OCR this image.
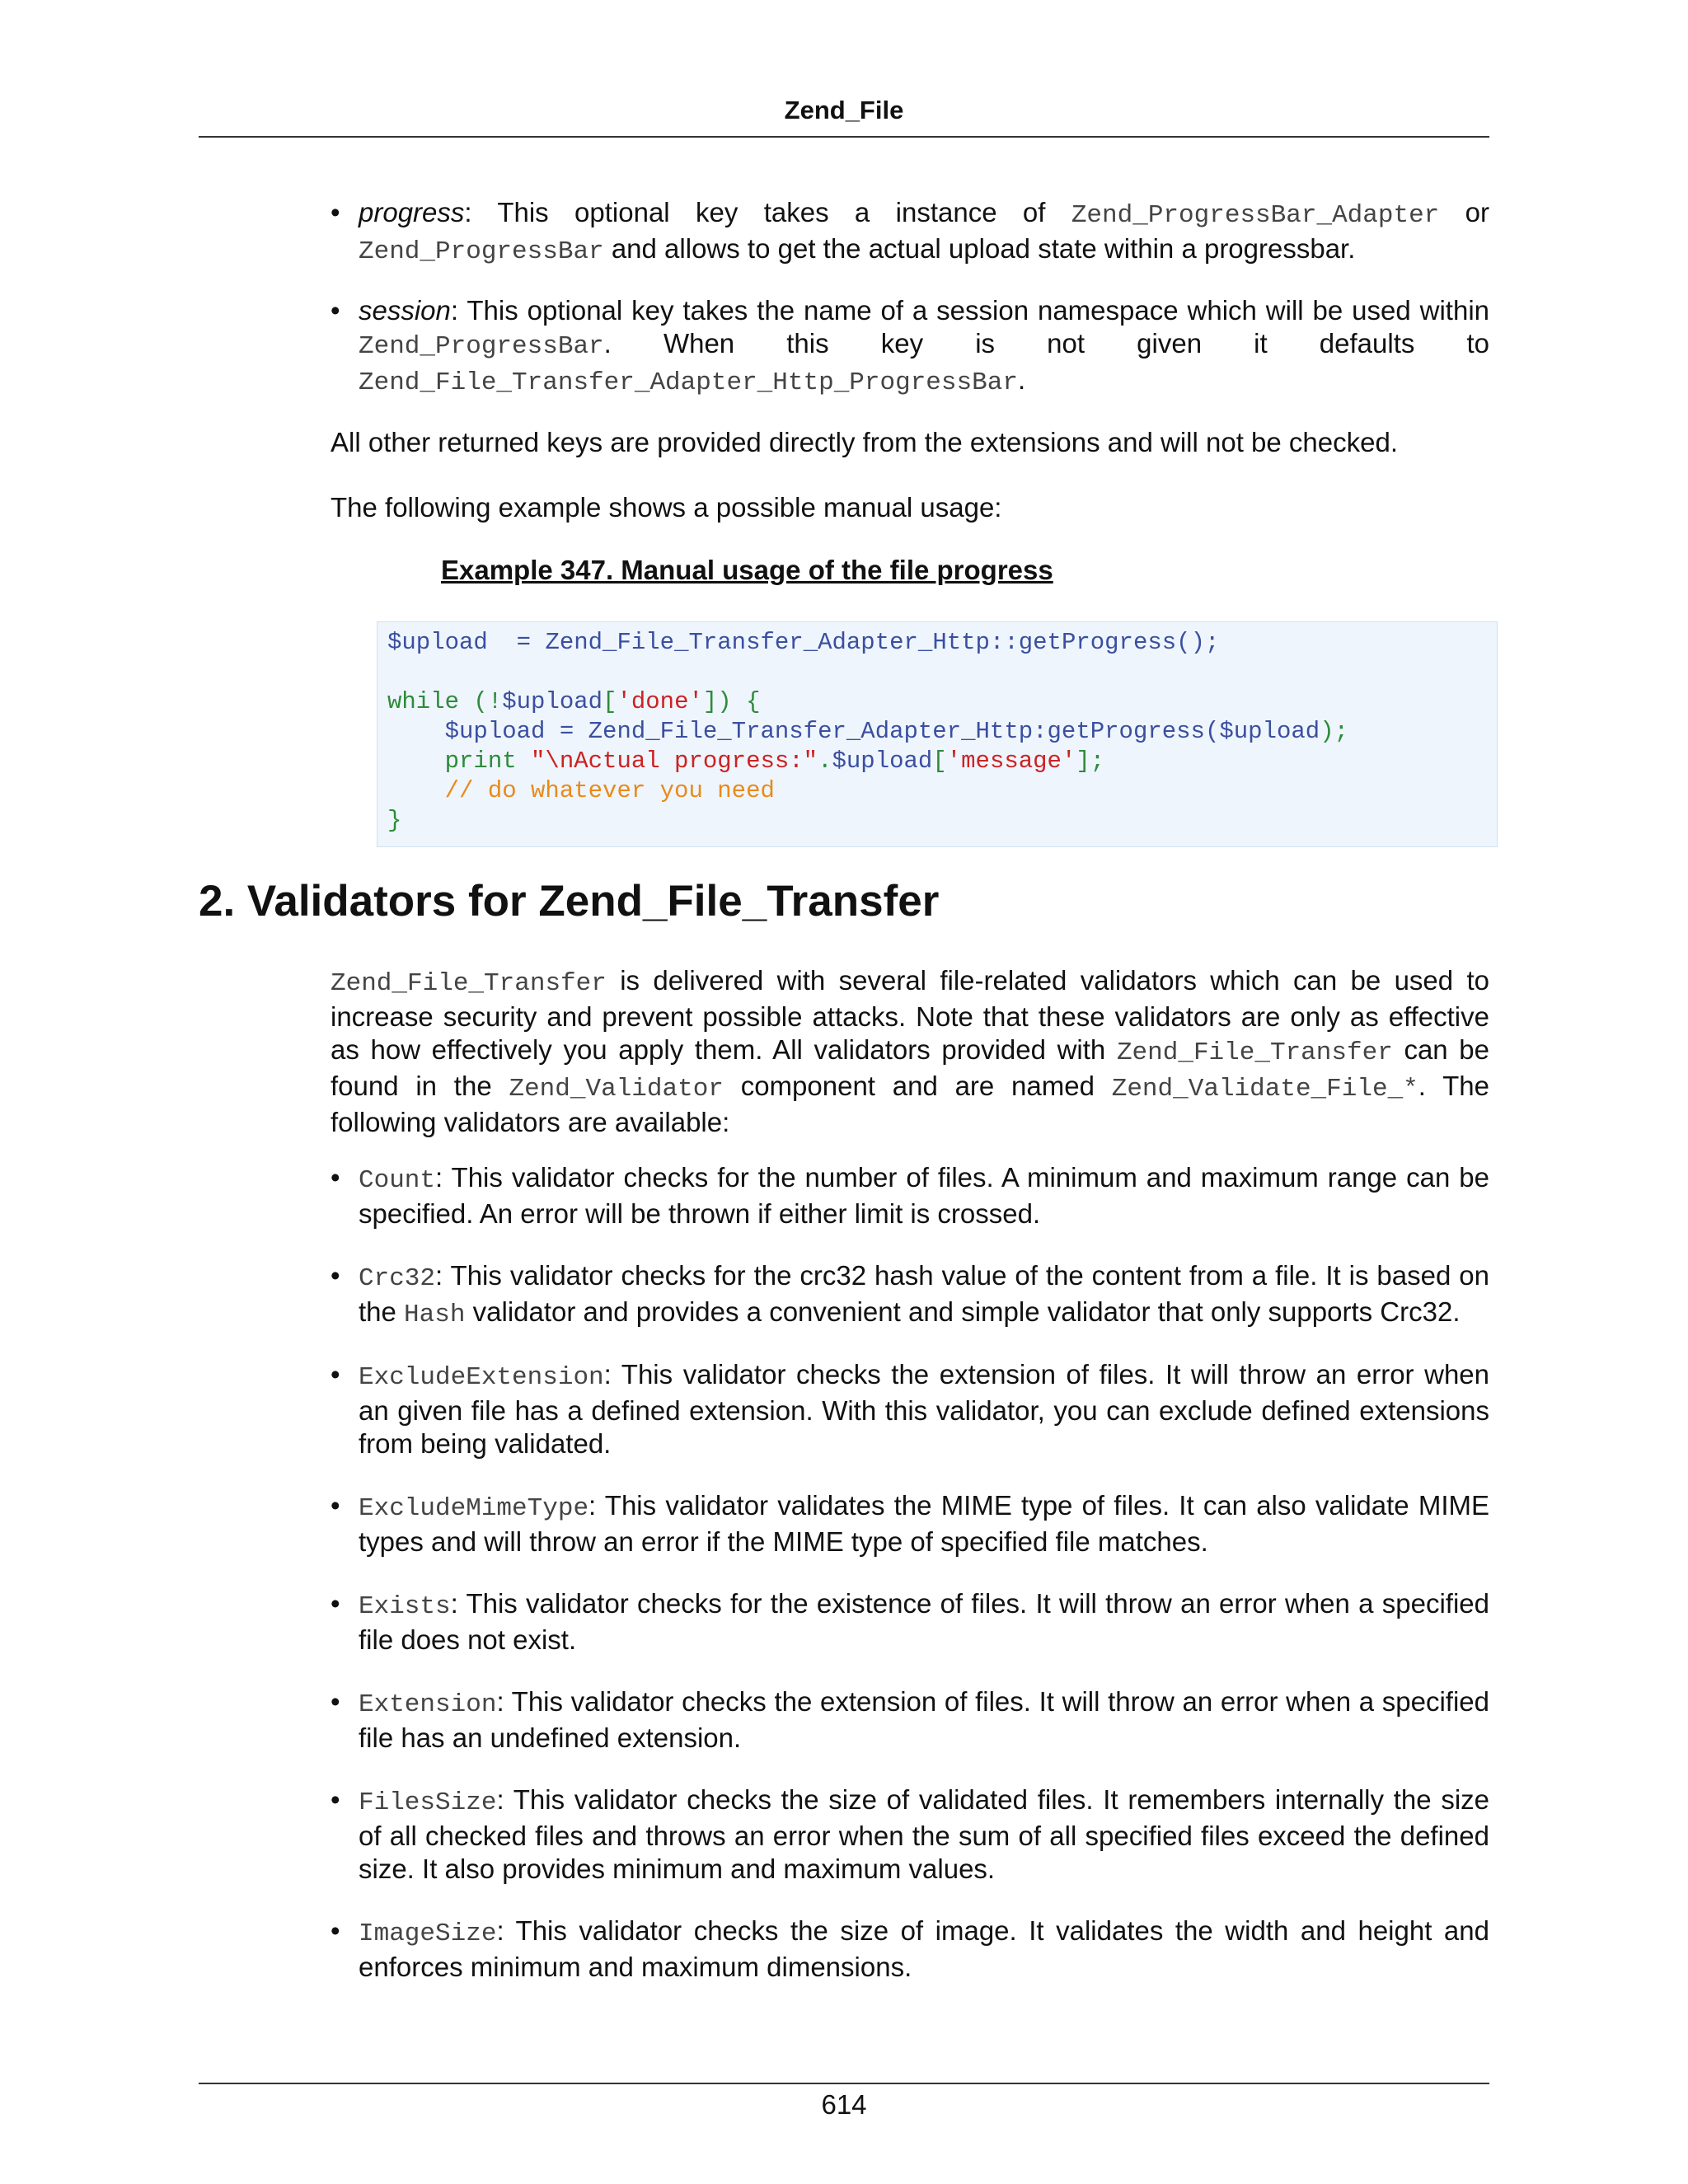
Zend_File
• progress: This optional key takes a instance of Zend_ProgressBar_Adapter or Zend_ProgressBar and allows to get the actual upload state within a progressbar.
• session: This optional key takes the name of a session namespace which will be used within Zend_ProgressBar. When this key is not given it defaults to Zend_File_Transfer_Adapter_Http_ProgressBar.

All other returned keys are provided directly from the extensions and will not be checked.

The following example shows a possible manual usage:

Example 347. Manual usage of the file progress
$upload  = Zend_File_Transfer_Adapter_Http::getProgress();
while (!$upload['done']) {
$upload = Zend_File_Transfer_Adapter_Http:getProgress($upload);
print "\nActual progress:".$upload['message'];
// do whatever you need
}
2. Validators for Zend_File_Transfer

Zend_File_Transfer is delivered with several file-related validators which can be used to increase security and prevent possible attacks. Note that these validators are only as effective as how effectively you apply them. All validators provided with Zend_File_Transfer can be found in the Zend_Validator component and are named Zend_Validate_File_*. The following validators are available:

• Count: This validator checks for the number of files. A minimum and maximum range can be specified. An error will be thrown if either limit is crossed.
• Crc32: This validator checks for the crc32 hash value of the content from a file. It is based on the Hash validator and provides a convenient and simple validator that only supports Crc32.
• ExcludeExtension: This validator checks the extension of files. It will throw an error when an given file has a defined extension. With this validator, you can exclude defined extensions from being validated.
• ExcludeMimeType: This validator validates the MIME type of files. It can also validate MIME types and will throw an error if the MIME type of specified file matches.
• Exists: This validator checks for the existence of files. It will throw an error when a specified file does not exist.
• Extension: This validator checks the extension of files. It will throw an error when a specified file has an undefined extension.
• FilesSize: This validator checks the size of validated files. It remembers internally the size of all checked files and throws an error when the sum of all specified files exceed the defined size. It also provides minimum and maximum values.
• ImageSize: This validator checks the size of image. It validates the width and height and enforces minimum and maximum dimensions.
614
